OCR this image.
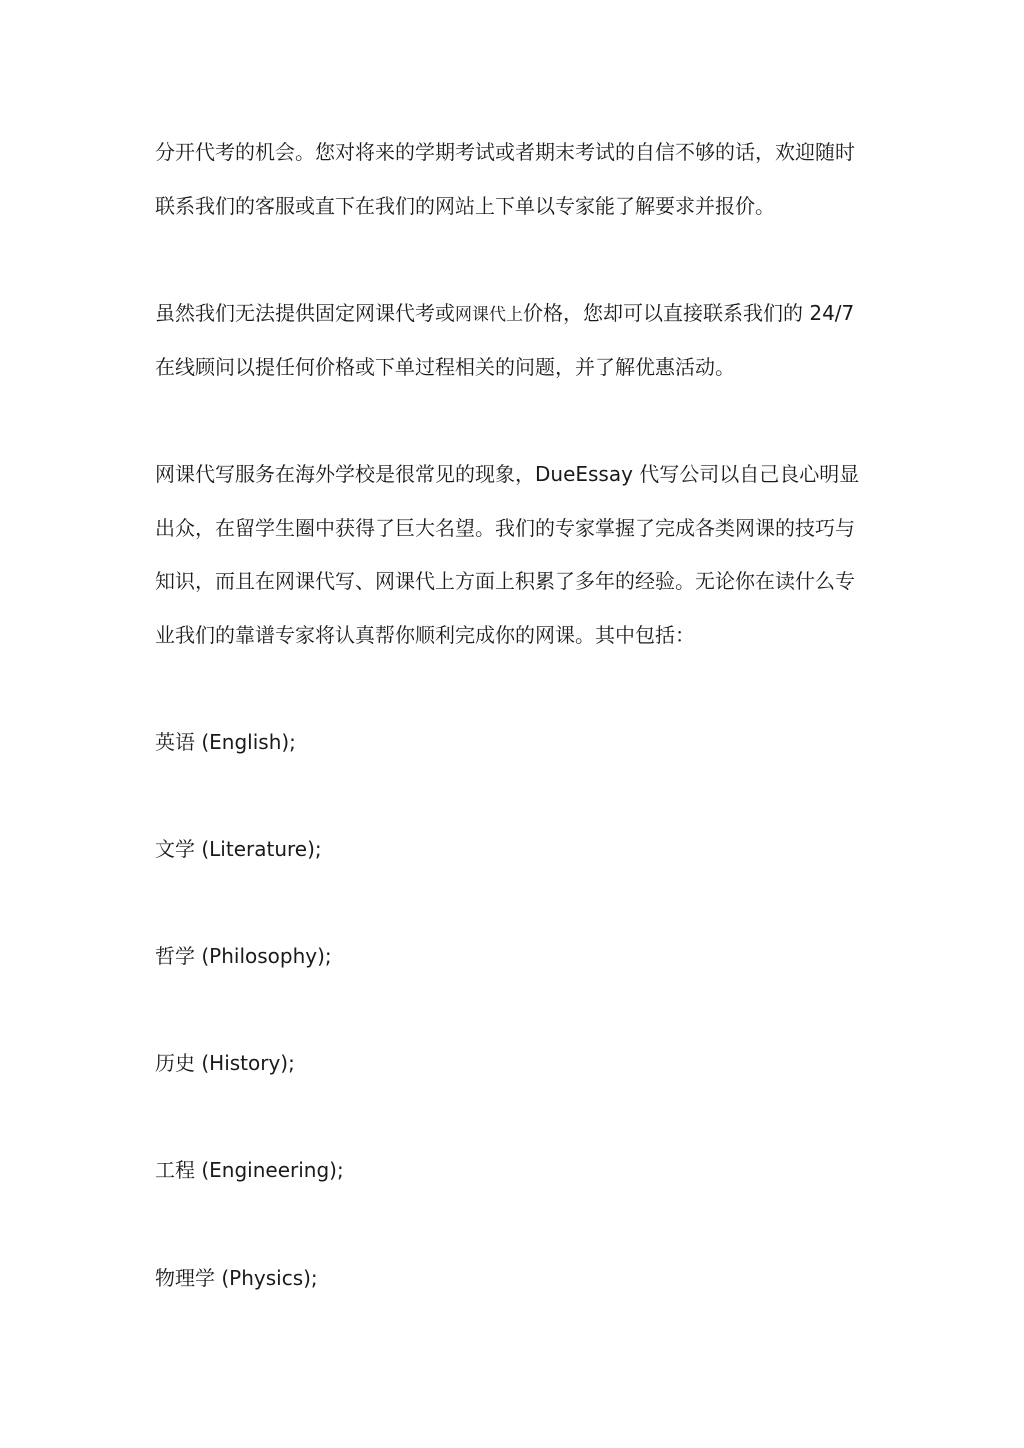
分开代考的机会。您对将来的学期考试或者期末考试的自信不够的话，欢迎随时
联系我们的客服或直下在我们的网站上下单以专家能了解要求并报价。
虽然我们无法提供固定网课代考或网课代上价格，您却可以直接联系我们的 24/7
在线顾问以提任何价格或下单过程相关的问题，并了解优惠活动。
网课代写服务在海外学校是很常见的现象，DueEssay 代写公司以自己良心明显
出众，在留学生圈中获得了巨大名望。我们的专家掌握了完成各类网课的技巧与
知识，而且在网课代写、网课代上方面上积累了多年的经验。无论你在读什么专
业我们的靠谱专家将认真帮你顺利完成你的网课。其中包括：
英语 (English);
文学 (Literature);
哲学 (Philosophy);
历史 (History);
工程 (Engineering);
物理学 (Physics);
